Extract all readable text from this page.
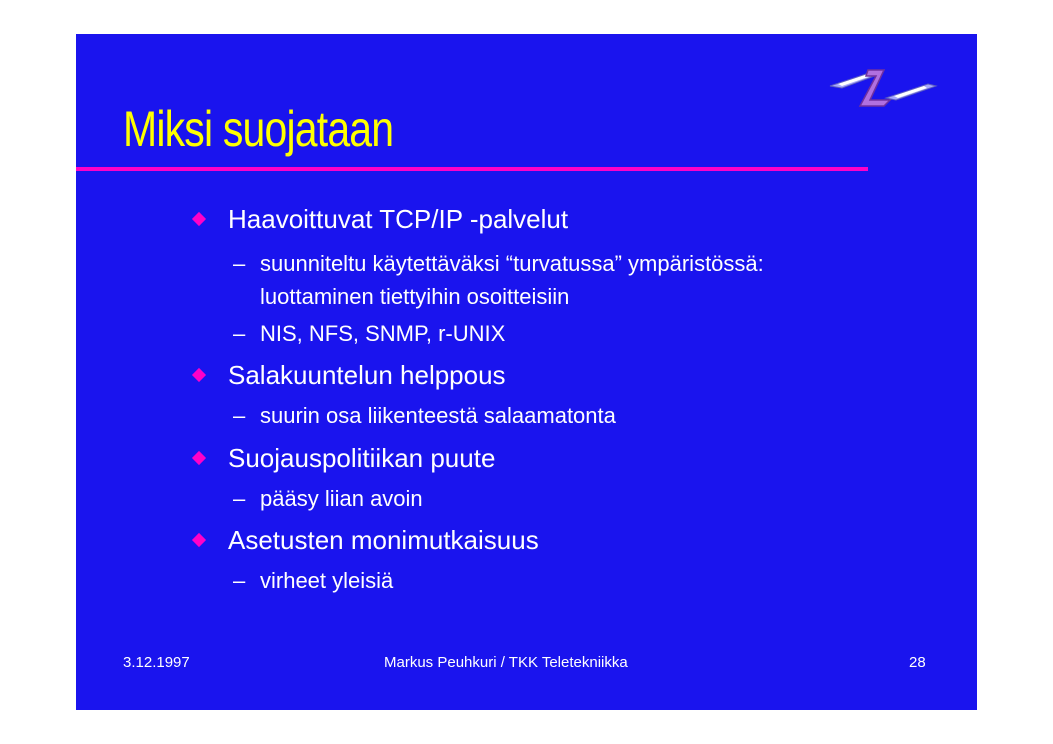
Miksi suojataan
Haavoittuvat TCP/IP -palvelut
– suunniteltu käytettäväksi “turvatussa” ympäristössä:
luottaminen tiettyihin osoitteisiin
– NIS, NFS, SNMP, r-UNIX
Salakuuntelun helppous
– suurin osa liikenteestä salaamatonta
Suojauspolitiikan puute
– pääsy liian avoin
Asetusten monimutkaisuus
– virheet yleisiä
3.12.1997	Markus Peuhkuri / TKK Teletekniikka	28
